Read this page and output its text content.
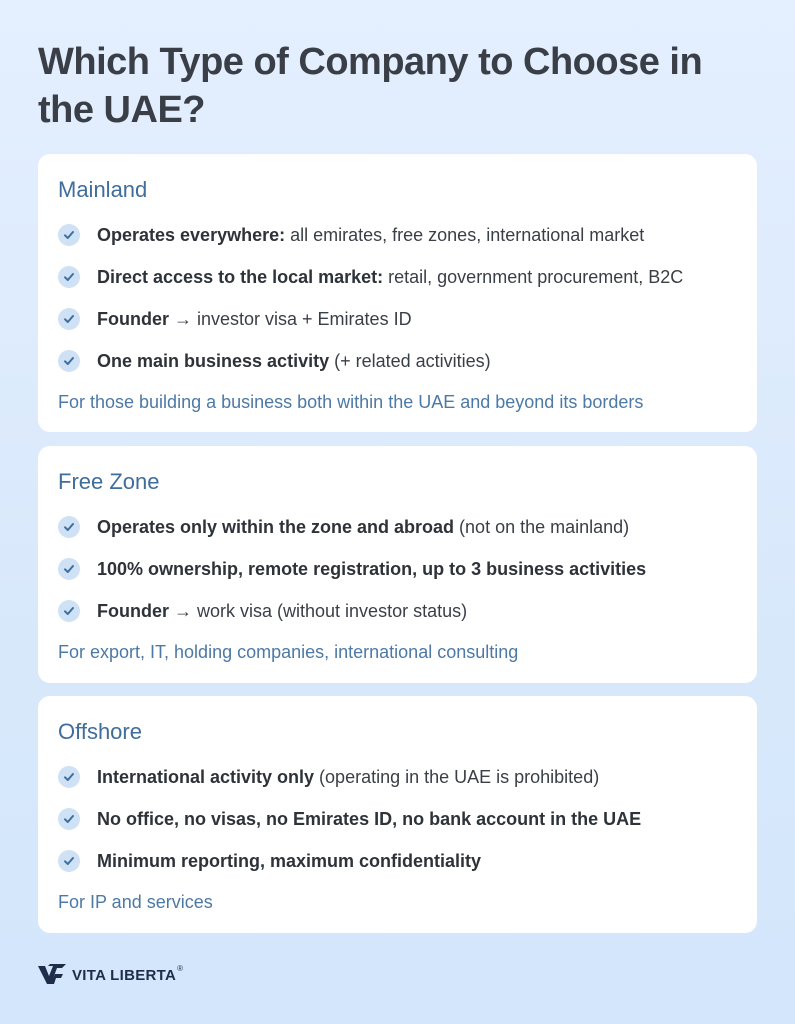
Which Type of Company to Choose in the UAE?
Mainland
Operates everywhere: all emirates, free zones, international market
Direct access to the local market: retail, government procurement, B2C
Founder → investor visa + Emirates ID
One main business activity (+ related activities)

For those building a business both within the UAE and beyond its borders

Free Zone
Operates only within the zone and abroad (not on the mainland)
100% ownership, remote registration, up to 3 business activities
Founder → work visa (without investor status)

For export, IT, holding companies, international consulting

Offshore
International activity only (operating in the UAE is prohibited)
No office, no visas, no Emirates ID, no bank account in the UAE
Minimum reporting, maximum confidentiality

For IP and services

VITA LIBERTA ®
